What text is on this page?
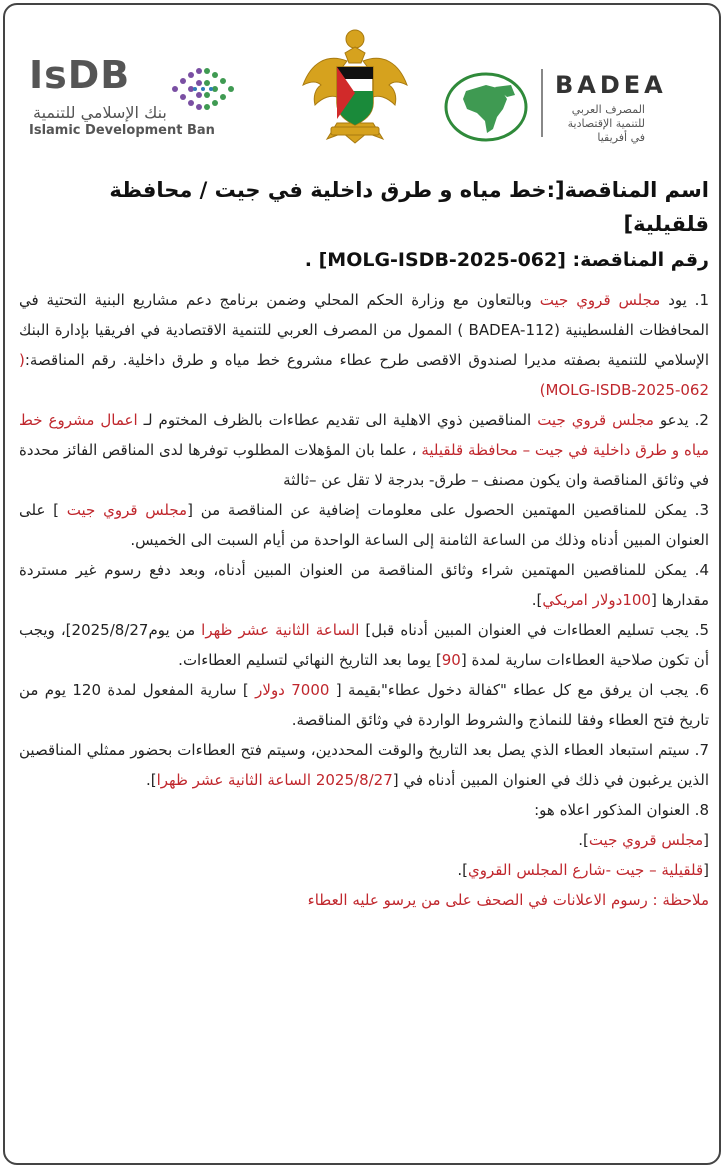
IsDB
بنك الإسلامي للتنمية
Islamic Development Ban
BADEA
المصرف العربي
للتنمية الإقتصادية
في أفريقيا

اسم المناقصة[:خط مياه و طرق داخلية في جيت / محافظة قلقيلية]

رقم المناقصة: [MOLG-ISDB-2025-062] .

1. يود مجلس قروي جيت وبالتعاون مع وزارة الحكم المحلي وضمن برنامج دعم مشاريع البنية التحتية في المحافظات الفلسطينية (BADEA-112 ) الممول من المصرف العربي للتنمية الاقتصادية في افريقيا بإدارة البنك الإسلامي للتنمية بصفته مديرا لصندوق الاقصى طرح عطاء مشروع خط مياه و طرق داخلية. رقم المناقصة:( MOLG-ISDB-2025-062)

2. يدعو مجلس قروي جيت المناقصين ذوي الاهلية الى تقديم عطاءات بالظرف المختوم لـ اعمال مشروع خط مياه و طرق داخلية في جيت – محافظة قلقيلية ، علما بان المؤهلات المطلوب توفرها لدى المناقص الفائز محددة في وثائق المناقصة وان يكون مصنف – طرق- بدرجة لا تقل عن –ثالثة

3. يمكن للمناقصين المهتمين الحصول على معلومات إضافية عن المناقصة من [مجلس قروي جيت ] على العنوان المبين أدناه وذلك من الساعة الثامنة إلى الساعة الواحدة من أيام السبت الى الخميس.

4. يمكن للمناقصين المهتمين شراء وثائق المناقصة من العنوان المبين أدناه، وبعد دفع رسوم غير مستردة مقدارها [100دولار امريكي].

5. يجب تسليم العطاءات في العنوان المبين أدناه قبل] الساعة الثانية عشر ظهرا من يوم2025/8/27]، ويجب أن تكون صلاحية العطاءات سارية لمدة [90] يوما بعد التاريخ النهائي لتسليم العطاءات.

6. يجب ان يرفق مع كل عطاء "كفالة دخول عطاء"بقيمة [ 7000 دولار ] سارية المفعول لمدة 120 يوم من تاريخ فتح العطاء وفقا للنماذج والشروط الواردة في وثائق المناقصة.

7. سيتم استبعاد العطاء الذي يصل بعد التاريخ والوقت المحددين، وسيتم فتح العطاءات بحضور ممثلي المناقصين الذين يرغبون في ذلك في العنوان المبين أدناه في [2025/8/27 الساعة الثانية عشر ظهرا].

8. العنوان المذكور اعلاه هو:

[مجلس قروي جيت].

[قلقيلية – جيت -شارع المجلس القروي].

ملاحظة : رسوم الاعلانات في الصحف على من يرسو عليه العطاء
